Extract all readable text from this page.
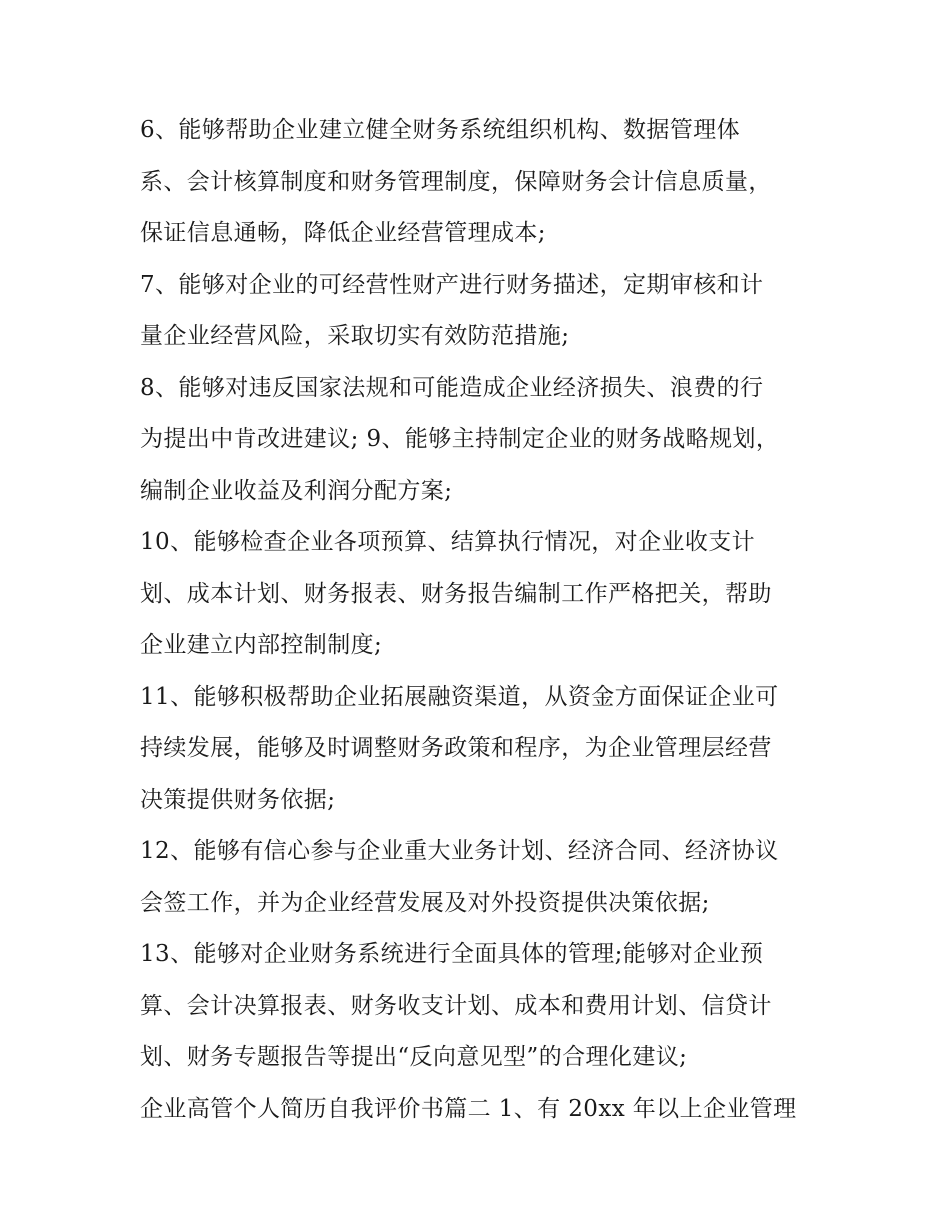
6、能够帮助企业建立健全财务系统组织机构、数据管理体
系、会计核算制度和财务管理制度，保障财务会计信息质量，
保证信息通畅，降低企业经营管理成本;
7、能够对企业的可经营性财产进行财务描述，定期审核和计
量企业经营风险，采取切实有效防范措施;
8、能够对违反国家法规和可能造成企业经济损失、浪费的行
为提出中肯改进建议; 9、能够主持制定企业的财务战略规划，
编制企业收益及利润分配方案;
10、能够检查企业各项预算、结算执行情况，对企业收支计
划、成本计划、财务报表、财务报告编制工作严格把关，帮助
企业建立内部控制制度;
11、能够积极帮助企业拓展融资渠道，从资金方面保证企业可
持续发展，能够及时调整财务政策和程序，为企业管理层经营
决策提供财务依据;
12、能够有信心参与企业重大业务计划、经济合同、经济协议
会签工作，并为企业经营发展及对外投资提供决策依据;
13、能够对企业财务系统进行全面具体的管理;能够对企业预
算、会计决算报表、财务收支计划、成本和费用计划、信贷计
划、财务专题报告等提出“反向意见型”的合理化建议;
企业高管个人简历自我评价书篇二 1、有 20xx 年以上企业管理
